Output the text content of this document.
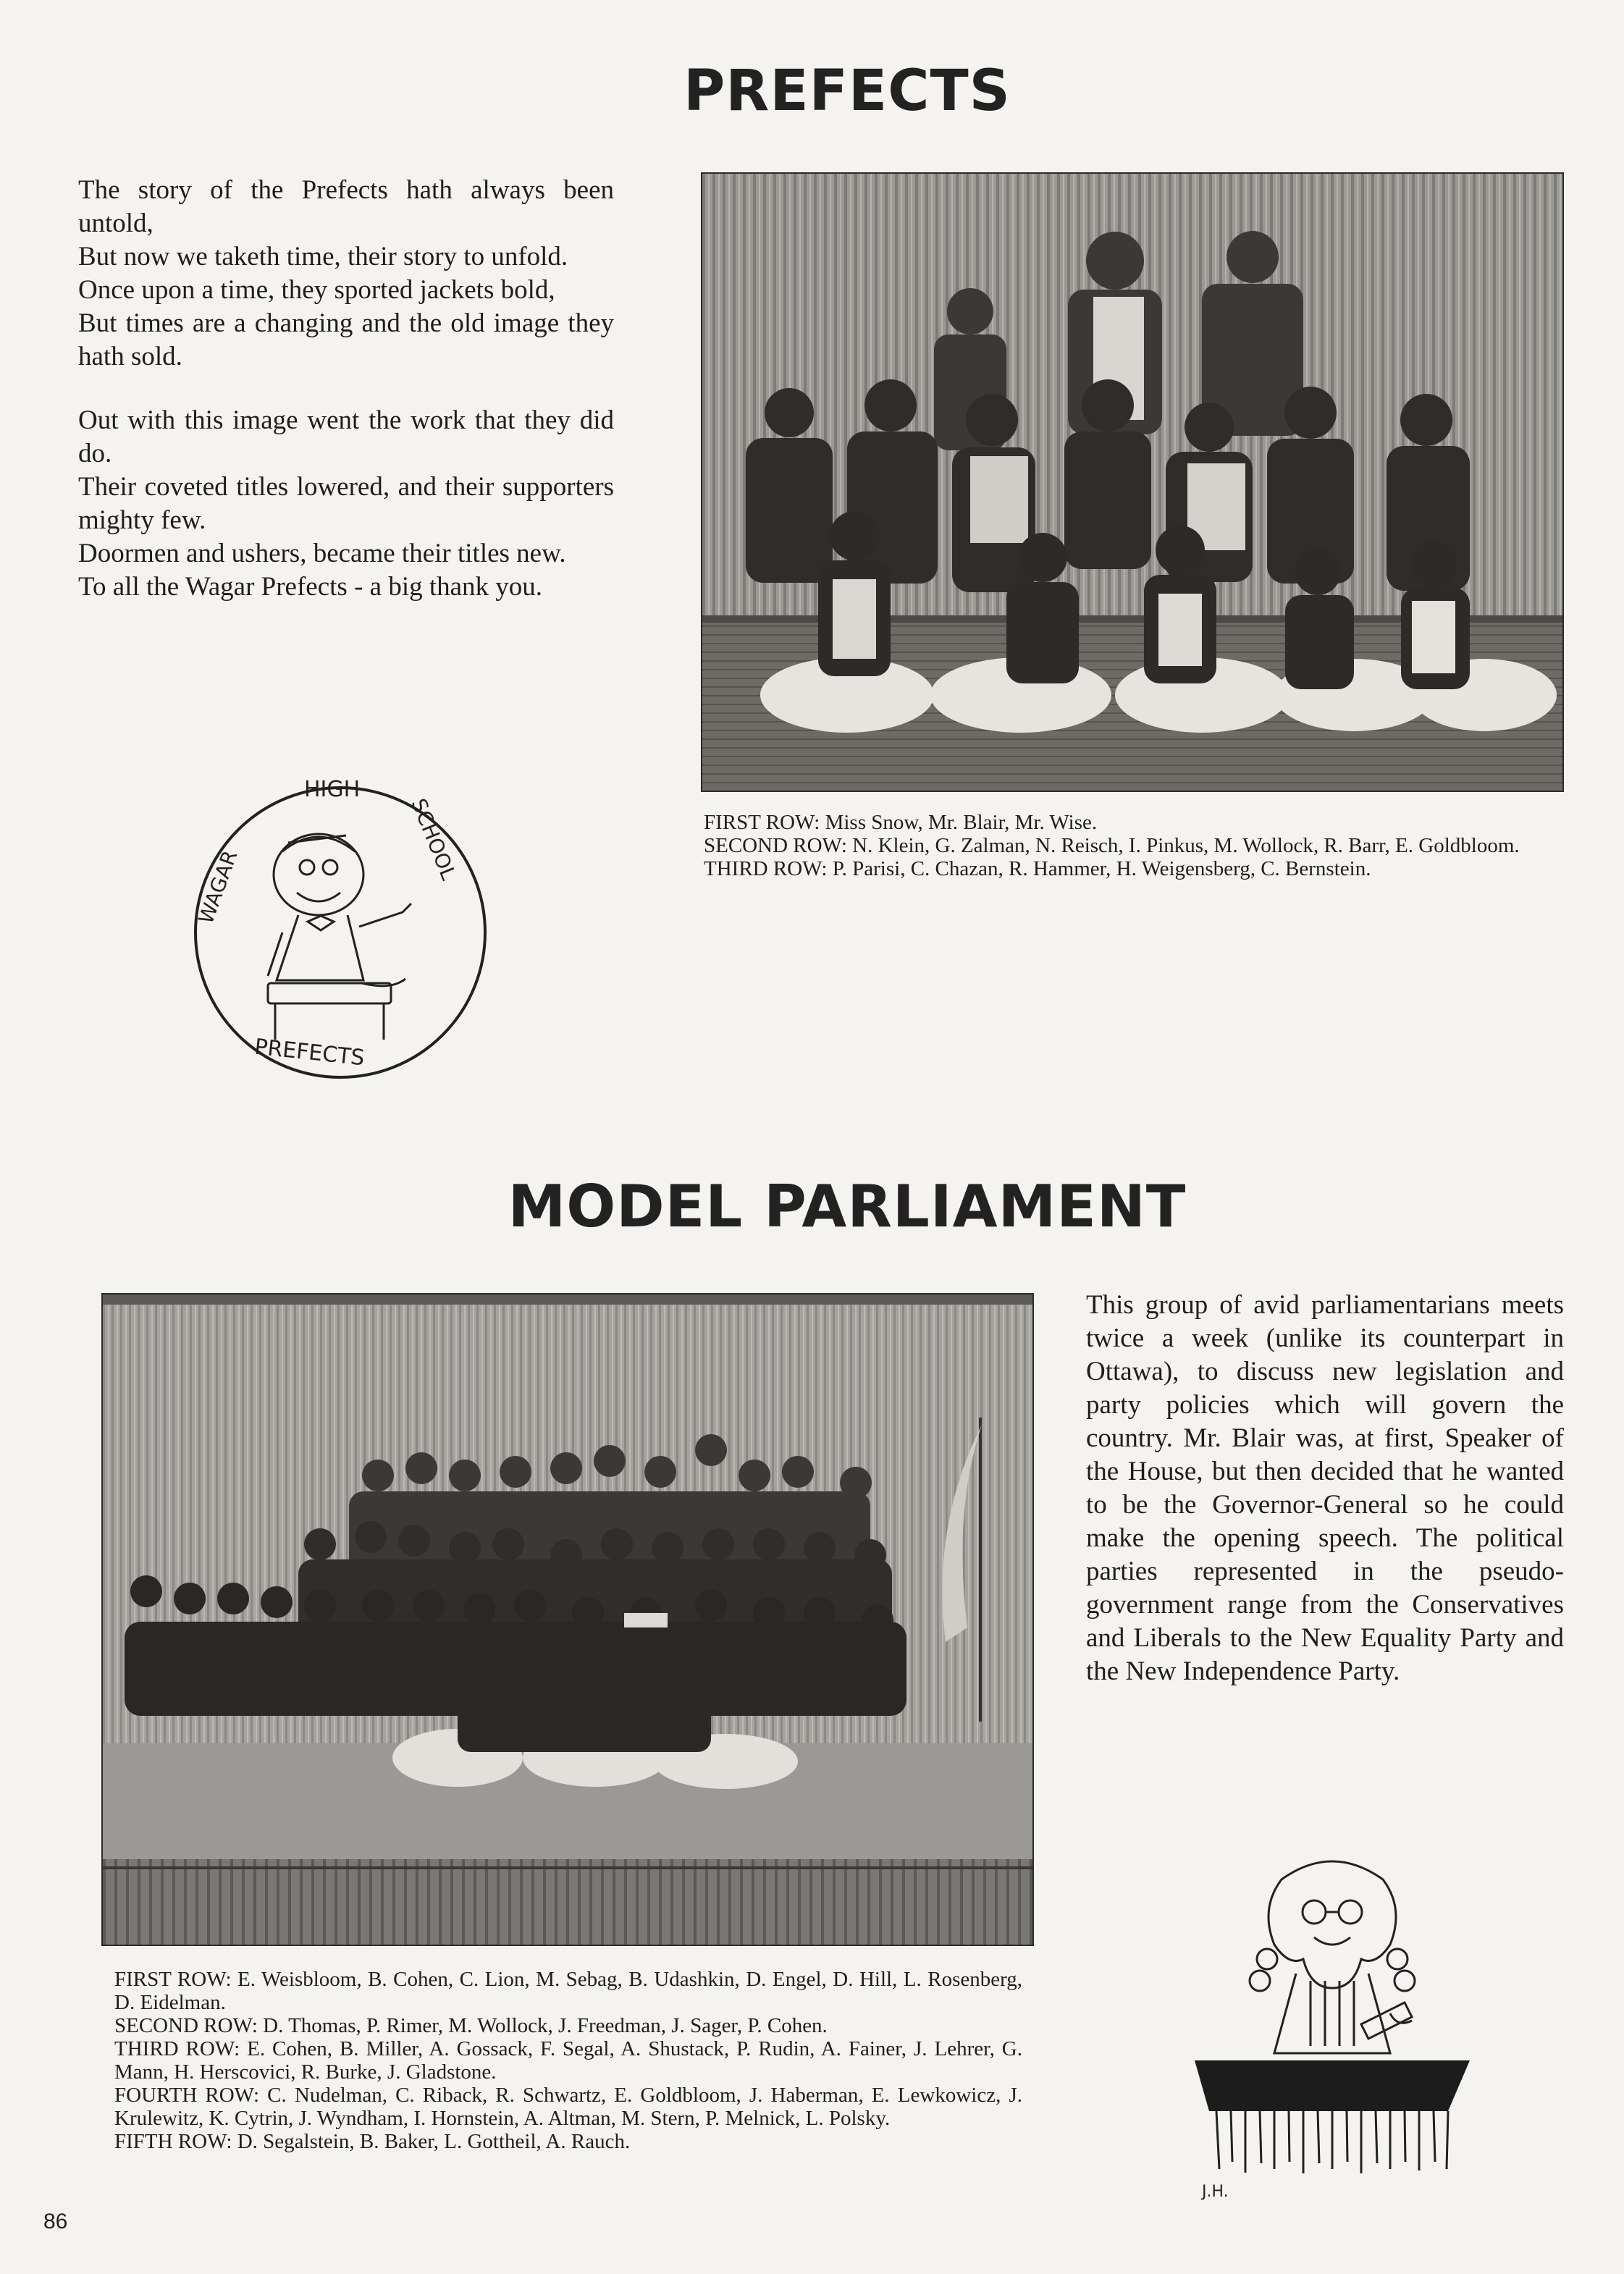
PREFECTS

The story of the Prefects hath always been untold,
But now we taketh time, their story to unfold.
Once upon a time, they sported jackets bold,
But times are a changing and the old image they hath sold.

Out with this image went the work that they did do.
Their coveted titles lowered, and their supporters mighty few.
Doormen and ushers, became their titles new.
To all the Wagar Prefects - a big thank you.

FIRST ROW: Miss Snow, Mr. Blair, Mr. Wise.
SECOND ROW: N. Klein, G. Zalman, N. Reisch, I. Pinkus, M. Wollock, R. Barr, E. Goldbloom.
THIRD ROW: P. Parisi, C. Chazan, R. Hammer, H. Weigensberg, C. Bernstein.
HIGH
WAGAR
SCHOOL
PREFECTS
MODEL PARLIAMENT
This group of avid parliamentarians meets twice a week (unlike its counterpart in Ottawa), to discuss new legislation and party policies which will govern the country. Mr. Blair was, at first, Speaker of the House, but then decided that he wanted to be the Governor-General so he could make the opening speech. The political parties represented in the pseudo-government range from the Conservatives and Liberals to the New Equality Party and the New Independence Party.
FIRST ROW: E. Weisbloom, B. Cohen, C. Lion, M. Sebag, B. Udashkin, D. Engel, D. Hill, L. Rosenberg, D. Eidelman.
SECOND ROW: D. Thomas, P. Rimer, M. Wollock, J. Freedman, J. Sager, P. Cohen.
THIRD ROW: E. Cohen, B. Miller, A. Gossack, F. Segal, A. Shustack, P. Rudin, A. Fainer, J. Lehrer, G. Mann, H. Herscovici, R. Burke, J. Gladstone.
FOURTH ROW: C. Nudelman, C. Riback, R. Schwartz, E. Goldbloom, J. Haberman, E. Lewkowicz, J. Krulewitz, K. Cytrin, J. Wyndham, I. Hornstein, A. Altman, M. Stern, P. Melnick, L. Polsky.
FIFTH ROW: D. Segalstein, B. Baker, L. Gottheil, A. Rauch.
J.H.
86
